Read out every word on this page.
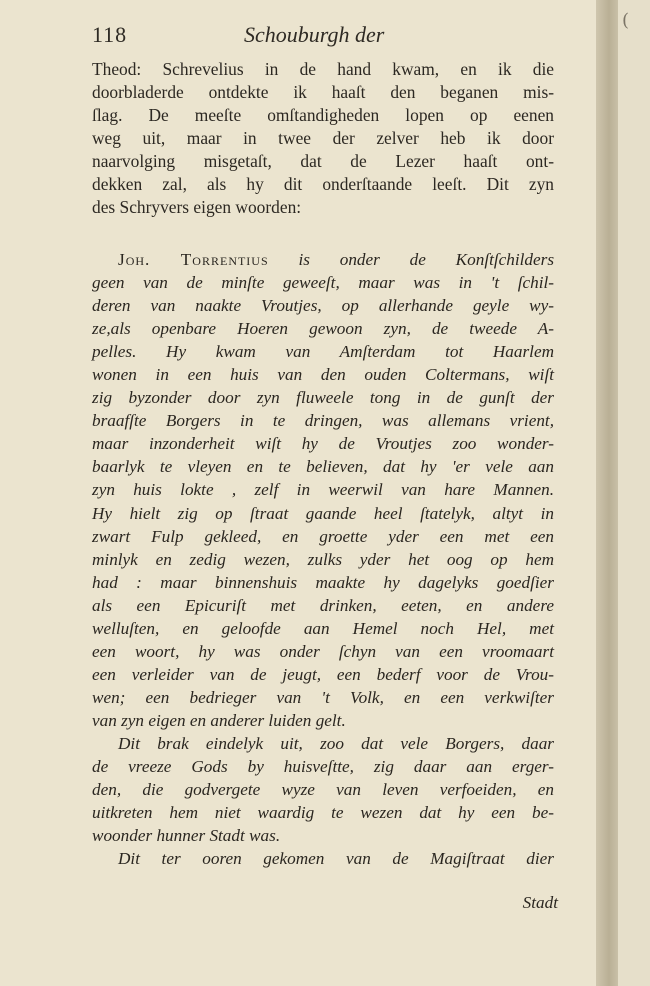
(
118	Schouburgh der
Theod: Schrevelius in de hand kwam, en ik die
doorbladerde ontdekte ik haaſt den beganen mis-
ſlag. De meeſte omſtandigheden lopen op eenen
weg uit, maar in twee der zelver heb ik door
naarvolging misgetaſt, dat de Lezer haaſt ont-
dekken zal, als hy dit onderſtaande leeſt. Dit zyn
des Schryvers eigen woorden:
Joh. Torrentius is onder de Konſtſchilders
geen van de minſte geweeſt, maar was in 't ſchil-
deren van naakte Vroutjes, op allerhande geyle wy-
ze,als openbare Hoeren gewoon zyn, de tweede A-
pelles. Hy kwam van Amſterdam tot Haarlem
wonen in een huis van den ouden Coltermans, wiſt
zig byzonder door zyn fluweele tong in de gunſt der
braafſte Borgers in te dringen, was allemans vrient,
maar inzonderheit wiſt hy de Vroutjes zoo wonder-
baarlyk te vleyen en te believen, dat hy 'er vele aan
zyn huis lokte , zelf in weerwil van hare Mannen.
Hy hielt zig op ſtraat gaande heel ſtatelyk, altyt in
zwart Fulp gekleed, en groette yder een met een
minlyk en zedig wezen, zulks yder het oog op hem
had : maar binnenshuis maakte hy dagelyks goedſier
als een Epicuriſt met drinken, eeten, en andere
welluſten, en geloofde aan Hemel noch Hel, met
een woort, hy was onder ſchyn van een vroomaart
een verleider van de jeugt, een bederf voor de Vrou-
wen; een bedrieger van 't Volk, en een verkwiſter
van zyn eigen en anderer luiden gelt.
Dit brak eindelyk uit, zoo dat vele Borgers, daar
de vreeze Gods by huisveſtte, zig daar aan erger-
den, die godvergete wyze van leven verfoeiden, en
uitkreten hem niet waardig te wezen dat hy een be-
woonder hunner Stadt was.
Dit ter ooren gekomen van de Magiſtraat dier
Stadt
